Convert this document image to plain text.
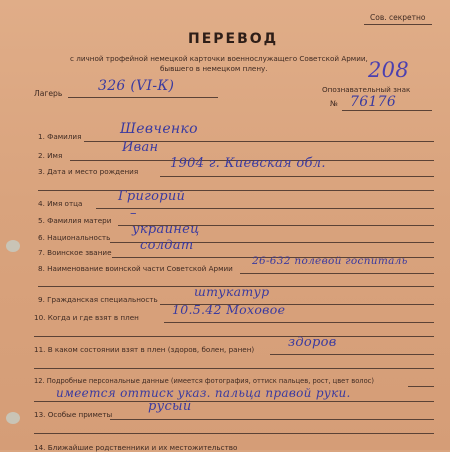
Сов. секретно
ПЕРЕВОД
с личной трофейной немецкой карточки военнослужащего Советской Армии,
бывшего в немецком плену.	208
Лагерь	326 (VI-К)	Опознавательный знак
№ 76176
1. Фамилия	Шевченко
2. Имя
Иван
3. Дата и место рождения
1904 г. Киевская обл.
4. Имя отца	Григорий
5. Фамилия матери –
6. Национальность
украинец
7. Воинское звание солдат
8. Наименование воинской части Советской Армии
26-632 полевой госпиталь
9. Гражданская специальность
штукатур
10. Когда и где взят в плен
10.5.42 Моховое
11. В каком состоянии взят в плен (здоров, болен, ранен)	здоров
12. Подробные персональные данные (имеется фотография, оттиск пальцев, рост, цвет волос)
имеется оттиск указ. пальца правой руки.
13. Особые приметы
русый
14. Ближайшие родственники и их местожительство
